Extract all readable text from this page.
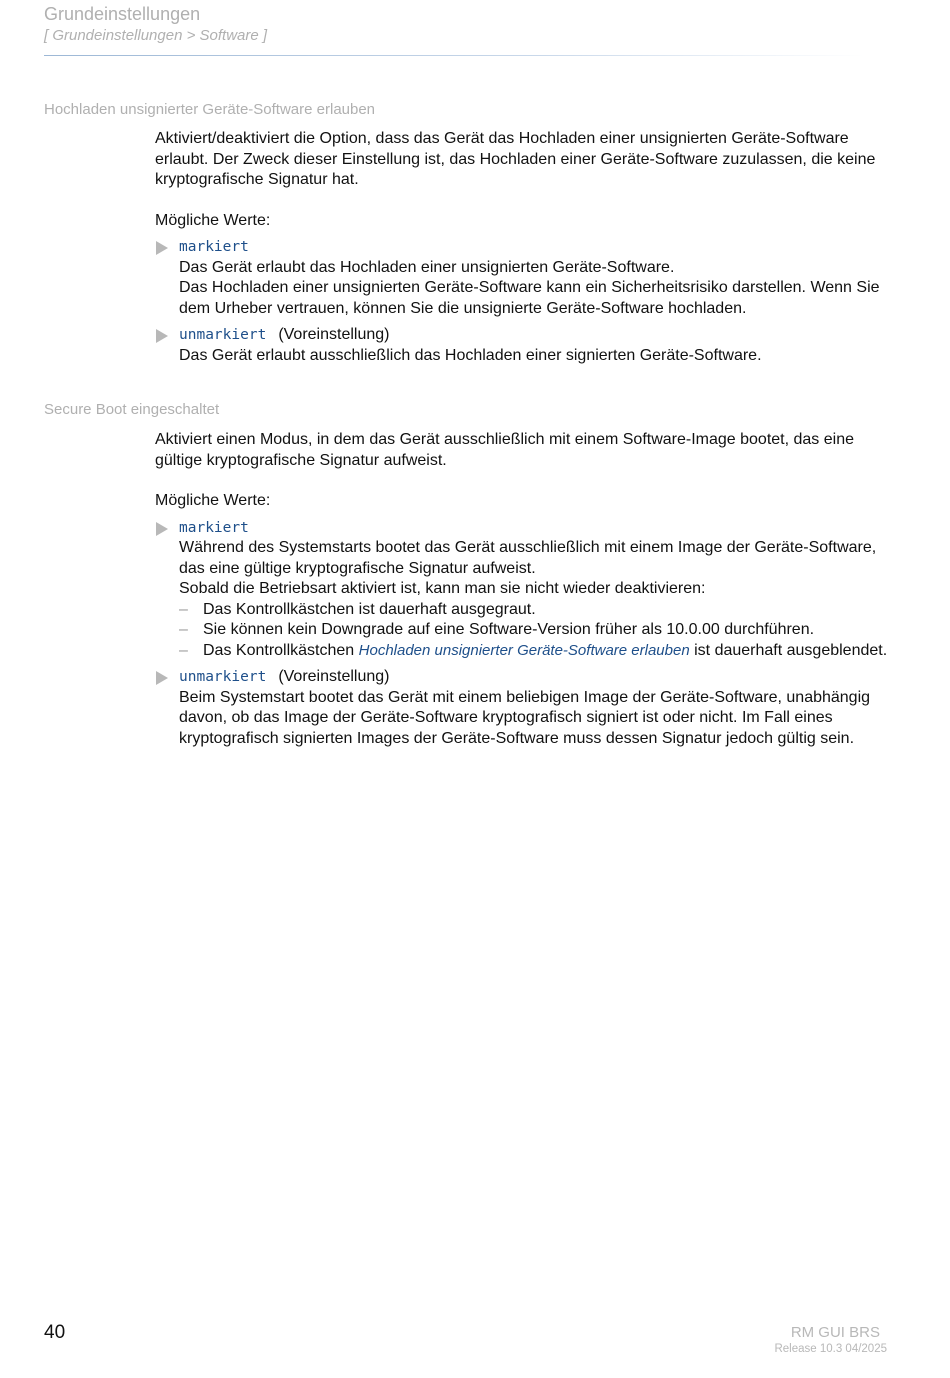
Grundeinstellungen
[ Grundeinstellungen > Software ]
Hochladen unsignierter Geräte-Software erlauben

Aktiviert/deaktiviert die Option, dass das Gerät das Hochladen einer unsignierten Geräte-Software erlaubt. Der Zweck dieser Einstellung ist, das Hochladen einer Geräte-Software zuzulassen, die keine kryptografische Signatur hat.

Mögliche Werte:
markiert
Das Gerät erlaubt das Hochladen einer unsignierten Geräte-Software.
Das Hochladen einer unsignierten Geräte-Software kann ein Sicherheitsrisiko darstellen. Wenn Sie dem Urheber vertrauen, können Sie die unsignierte Geräte-Software hochladen.
unmarkiert (Voreinstellung)
Das Gerät erlaubt ausschließlich das Hochladen einer signierten Geräte-Software.
Secure Boot eingeschaltet

Aktiviert einen Modus, in dem das Gerät ausschließlich mit einem Software-Image bootet, das eine gültige kryptografische Signatur aufweist.

Mögliche Werte:
markiert
Während des Systemstarts bootet das Gerät ausschließlich mit einem Image der Geräte-Software, das eine gültige kryptografische Signatur aufweist.
Sobald die Betriebsart aktiviert ist, kann man sie nicht wieder deaktivieren:
– Das Kontrollkästchen ist dauerhaft ausgegraut.
– Sie können kein Downgrade auf eine Software-Version früher als 10.0.00 durchführen.
– Das Kontrollkästchen Hochladen unsignierter Geräte-Software erlauben ist dauerhaft ausgeblendet.
unmarkiert (Voreinstellung)
Beim Systemstart bootet das Gerät mit einem beliebigen Image der Geräte-Software, unabhängig davon, ob das Image der Geräte-Software kryptografisch signiert ist oder nicht. Im Fall eines kryptografisch signierten Images der Geräte-Software muss dessen Signatur jedoch gültig sein.
40	RM GUI BRS
Release 10.3 04/2025
